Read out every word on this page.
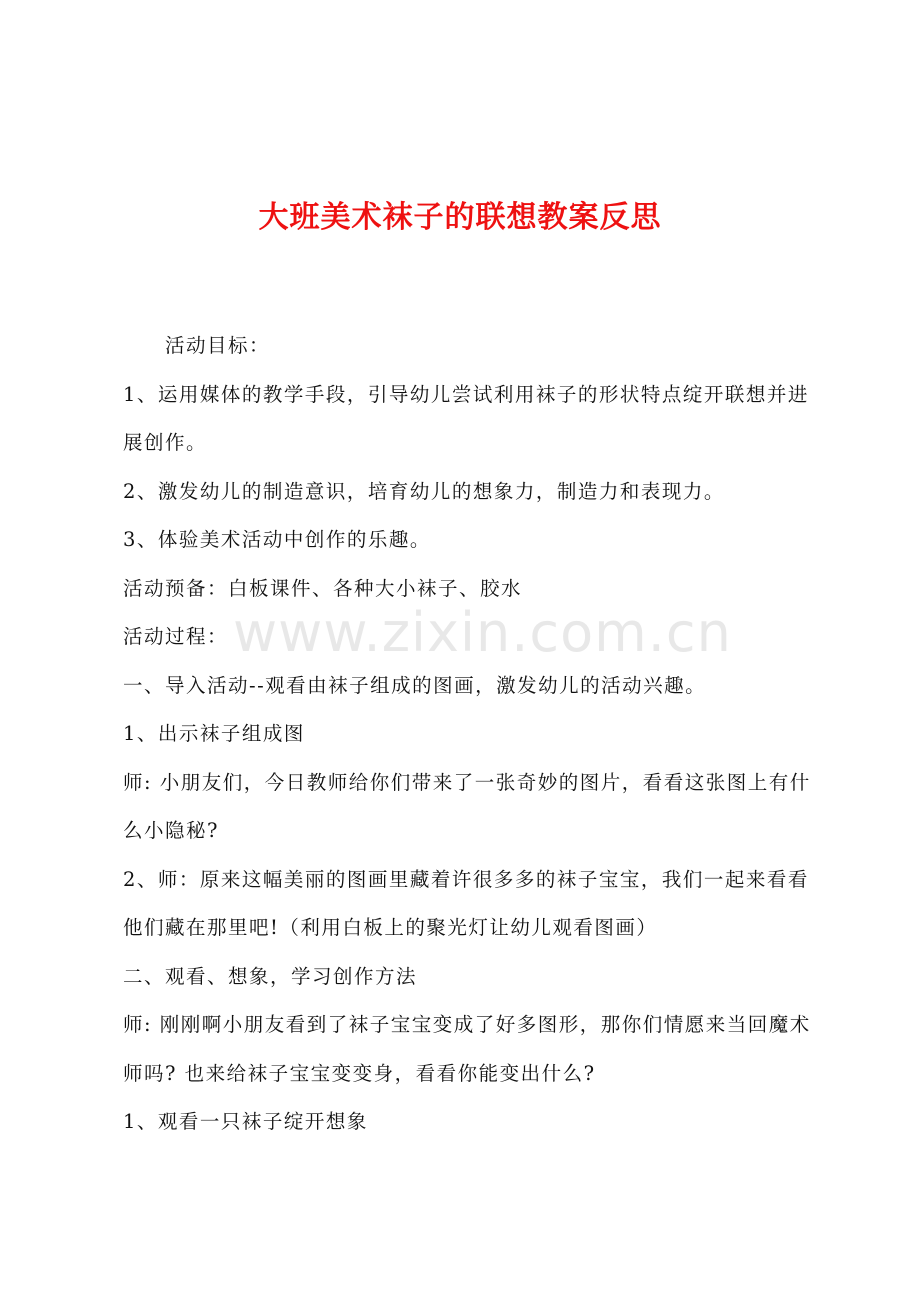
大班美术袜子的联想教案反思

活动目标：

1、运用媒体的教学手段，引导幼儿尝试利用袜子的形状特点绽开联想并进展创作。

2、激发幼儿的制造意识，培育幼儿的想象力，制造力和表现力。

3、体验美术活动中创作的乐趣。

活动预备：白板课件、各种大小袜子、胶水

活动过程：

一、导入活动--观看由袜子组成的图画，激发幼儿的活动兴趣。

1、出示袜子组成图

师: 小朋友们，今日教师给你们带来了一张奇妙的图片，看看这张图上有什么小隐秘?

2、师：原来这幅美丽的图画里藏着许很多多的袜子宝宝，我们一起来看看他们藏在那里吧!（利用白板上的聚光灯让幼儿观看图画）

二、观看、想象，学习创作方法

师: 刚刚啊小朋友看到了袜子宝宝变成了好多图形，那你们情愿来当回魔术师吗? 也来给袜子宝宝变变身，看看你能变出什么?

1、观看一只袜子绽开想象

www.zixin.com.cn
